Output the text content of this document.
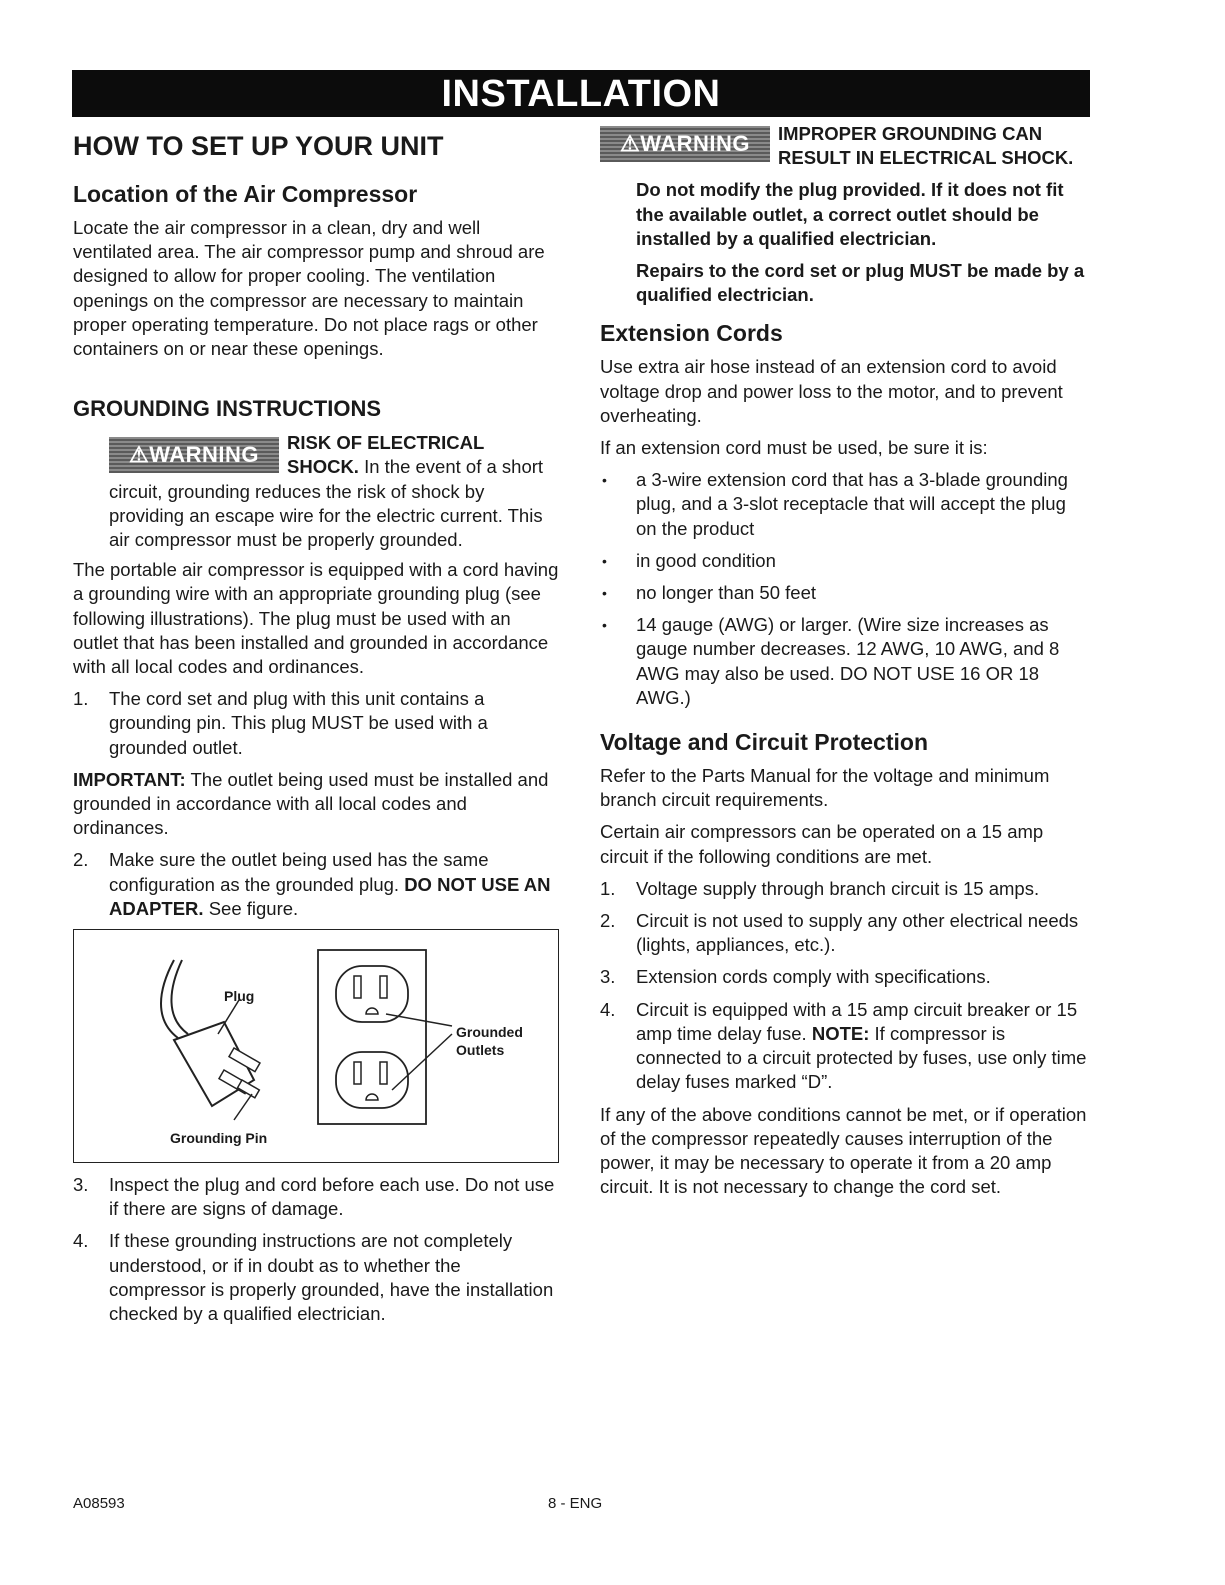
INSTALLATION
HOW TO SET UP YOUR UNIT
Location of the Air Compressor

Locate the air compressor in a clean, dry and well ventilated area. The air compressor pump and shroud are designed to allow for proper cooling. The ventilation openings on the compressor are necessary to maintain proper operating temperature. Do not place rags or other containers on or near these openings.

GROUNDING INSTRUCTIONS
⚠WARNING	RISK OF ELECTRICAL SHOCK. In the event of a short circuit, grounding reduces the risk of shock by providing an escape wire for the electric current. This air compressor must be properly grounded.

The portable air compressor is equipped with a cord having a grounding wire with an appropriate grounding plug (see following illustrations). The plug must be used with an outlet that has been installed and grounded in accordance with all local codes and ordinances.

1. The cord set and plug with this unit contains a grounding pin. This plug MUST be used with a grounded outlet.

IMPORTANT: The outlet being used must be installed and grounded in accordance with all local codes and ordinances.

2. Make sure the outlet being used has the same configuration as the grounded plug. DO NOT USE AN ADAPTER. See figure.
Plug
Grounded
Outlets
Grounding Pin
3. Inspect the plug and cord before each use. Do not use if there are signs of damage.
4. If these grounding instructions are not completely understood, or if in doubt as to whether the compressor is properly grounded, have the installation checked by a qualified electrician.
⚠WARNING	IMPROPER GROUNDING CAN RESULT IN ELECTRICAL SHOCK.

Do not modify the plug provided. If it does not fit the available outlet, a correct outlet should be installed by a qualified electrician.

Repairs to the cord set or plug MUST be made by a qualified electrician.

Extension Cords

Use extra air hose instead of an extension cord to avoid voltage drop and power loss to the motor, and to prevent overheating.

If an extension cord must be used, be sure it is:

• a 3-wire extension cord that has a 3-blade grounding plug, and a 3-slot receptacle that will accept the plug on the product
• in good condition
• no longer than 50 feet
• 14 gauge (AWG) or larger. (Wire size increases as gauge number decreases. 12 AWG, 10 AWG, and 8 AWG may also be used. DO NOT USE 16 OR 18 AWG.)
Voltage and Circuit Protection

Refer to the Parts Manual for the voltage and minimum branch circuit requirements.

Certain air compressors can be operated on a 15 amp circuit if the following conditions are met.

1. Voltage supply through branch circuit is 15 amps.
2. Circuit is not used to supply any other electrical needs (lights, appliances, etc.).
3. Extension cords comply with specifications.
4. Circuit is equipped with a 15 amp circuit breaker or 15 amp time delay fuse. NOTE: If compressor is connected to a circuit protected by fuses, use only time delay fuses marked “D”.

If any of the above conditions cannot be met, or if operation of the compressor repeatedly causes interruption of the power, it may be necessary to operate it from a 20 amp circuit. It is not necessary to change the cord set.

A08593	8 - ENG
